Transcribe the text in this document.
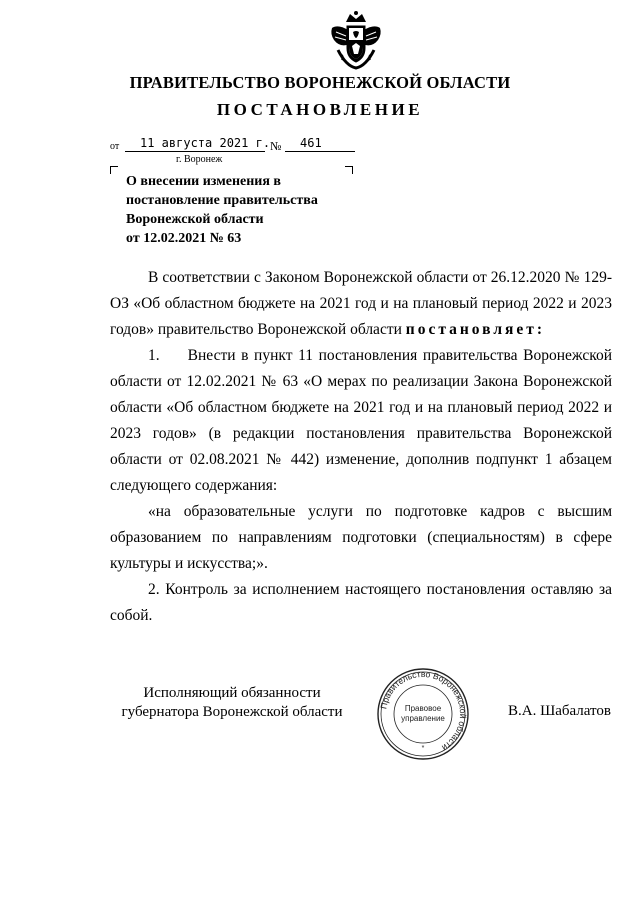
ПРАВИТЕЛЬСТВО ВОРОНЕЖСКОЙ ОБЛАСТИ
ПОСТАНОВЛЕНИЕ
от 11 августа 2021 г. № 461
г. Воронеж
О внесении изменения в
постановление правительства
Воронежской области
от 12.02.2021 № 63

В соответствии с Законом Воронежской области от 26.12.2020 № 129-ОЗ «Об областном бюджете на 2021 год и на плановый период 2022 и 2023 годов» правительство Воронежской области постановляет:

1.     Внести в пункт 11 постановления правительства Воронежской области от 12.02.2021 № 63 «О мерах по реализации Закона Воронежской области «Об областном бюджете на 2021 год и на плановый период 2022 и 2023 годов» (в редакции постановления правительства Воронежской области от 02.08.2021 № 442) изменение, дополнив подпункт 1 абзацем следующего содержания:

«на образовательные услуги по подготовке кадров с высшим образованием по направлениям подготовки (специальностям) в сфере культуры и искусства;».

2. Контроль за исполнением настоящего постановления оставляю за собой.

Исполняющий обязанности
губернатора Воронежской области	Правительство Воронежской области
Правовое
управление
*
В.А. Шабалатов
